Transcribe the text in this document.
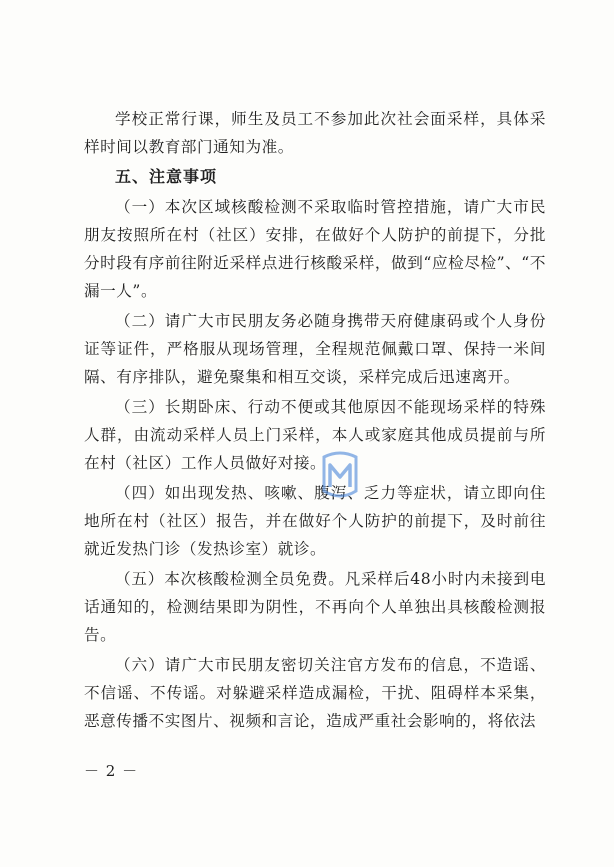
学校正常行课，师生及员工不参加此次社会面采样，具体采样时间以教育部门通知为准。

五、注意事项

（一）本次区域核酸检测不采取临时管控措施，请广大市民朋友按照所在村（社区）安排，在做好个人防护的前提下，分批分时段有序前往附近采样点进行核酸采样，做到“应检尽检”、“不漏一人”。

（二）请广大市民朋友务必随身携带天府健康码或个人身份证等证件，严格服从现场管理，全程规范佩戴口罩、保持一米间隔、有序排队，避免聚集和相互交谈，采样完成后迅速离开。

（三）长期卧床、行动不便或其他原因不能现场采样的特殊人群，由流动采样人员上门采样，本人或家庭其他成员提前与所在村（社区）工作人员做好对接。

（四）如出现发热、咳嗽、腹泻、乏力等症状，请立即向住地所在村（社区）报告，并在做好个人防护的前提下，及时前往就近发热门诊（发热诊室）就诊。

（五）本次核酸检测全员免费。凡采样后48小时内未接到电话通知的，检测结果即为阴性，不再向个人单独出具核酸检测报告。

（六）请广大市民朋友密切关注官方发布的信息，不造谣、不信谣、不传谣。对躲避采样造成漏检，干扰、阻碍样本采集，恶意传播不实图片、视频和言论，造成严重社会影响的，将依法

－ 2 －
